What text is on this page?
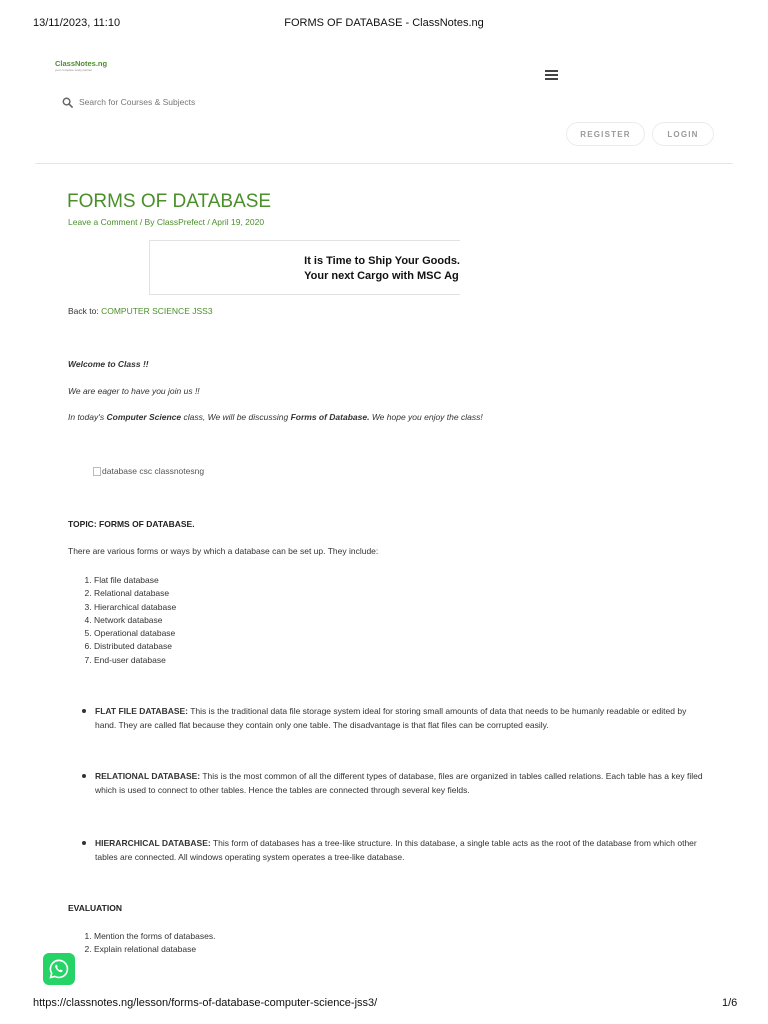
13/11/2023, 11:10	FORMS OF DATABASE - ClassNotes.ng
ClassNotes.ng
your complete study partner
Search for Courses & Subjects
REGISTER	LOGIN
FORMS OF DATABASE
Leave a Comment / By ClassPrefect / April 19, 2020
It is Time to Ship Your Goods.
Your next Cargo with MSC Ag
Back to: COMPUTER SCIENCE JSS3
Welcome to Class !!
We are eager to have you join us !!
In today's Computer Science class, We will be discussing Forms of Database. We hope you enjoy the class!
database csc classnotesng
TOPIC: FORMS OF DATABASE.
There are various forms or ways by which a database can be set up. They include:
1. Flat file database
2. Relational database
3. Hierarchical database
4. Network database
5. Operational database
6. Distributed database
7. End-user database
FLAT FILE DATABASE: This is the traditional data file storage system ideal for storing small amounts of data that needs to be humanly readable or edited by hand. They are called flat because they contain only one table. The disadvantage is that flat files can be corrupted easily.
RELATIONAL DATABASE: This is the most common of all the different types of database, files are organized in tables called relations. Each table has a key filed which is used to connect to other tables. Hence the tables are connected through several key fields.
HIERARCHICAL DATABASE: This form of databases has a tree-like structure. In this database, a single table acts as the root of the database from which other tables are connected. All windows operating system operates a tree-like database.
EVALUATION
1. Mention the forms of databases.
2. Explain relational database
https://classnotes.ng/lesson/forms-of-database-computer-science-jss3/	1/6
